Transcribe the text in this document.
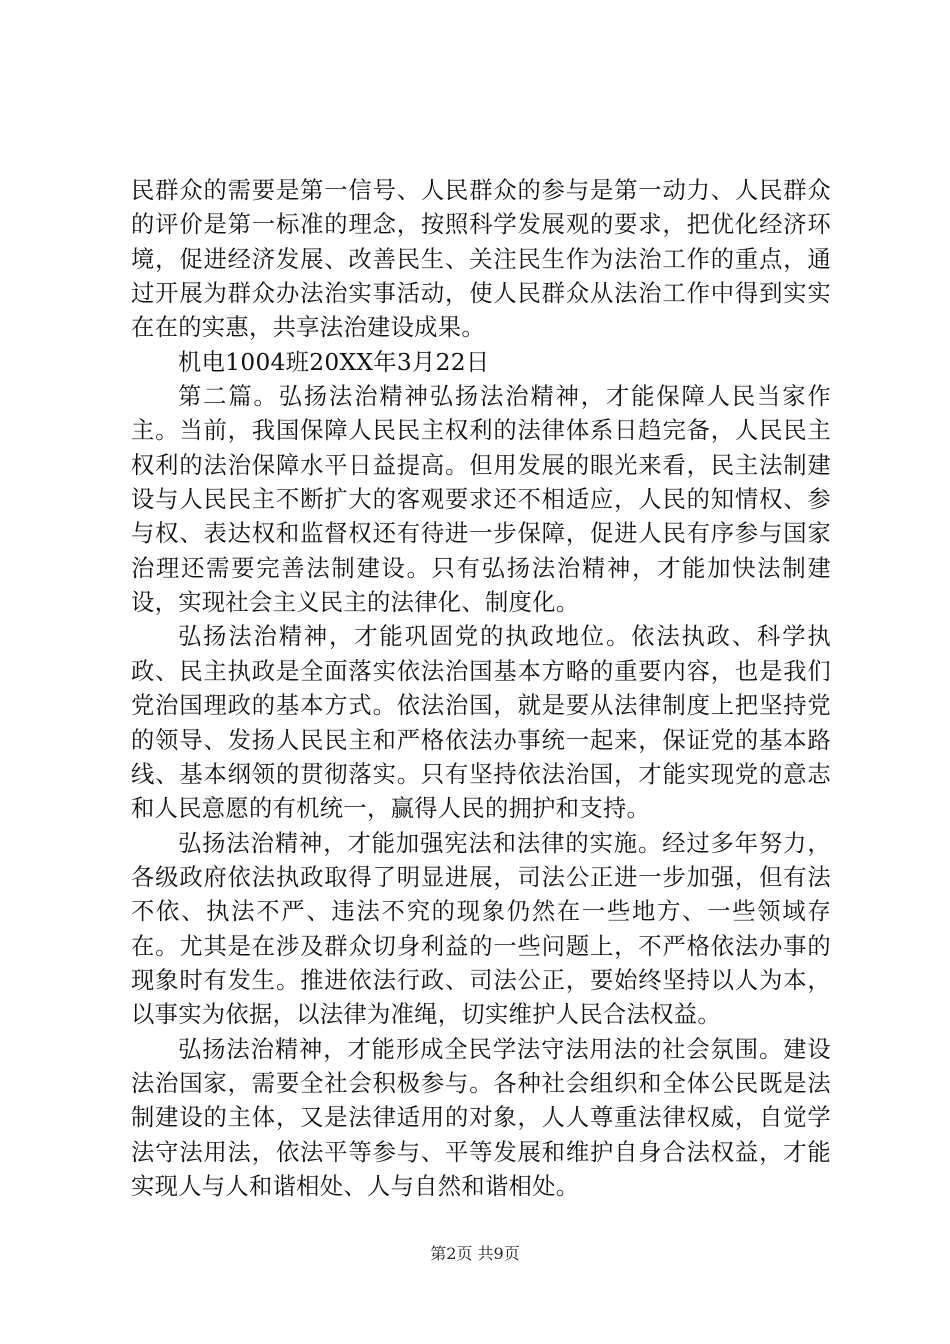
民群众的需要是第一信号、人民群众的参与是第一动力、人民群众的评价是第一标准的理念，按照科学发展观的要求，把优化经济环境，促进经济发展、改善民生、关注民生作为法治工作的重点，通过开展为群众办法治实事活动，使人民群众从法治工作中得到实实在在的实惠，共享法治建设成果。

机电1004班20XX年3月22日

第二篇。弘扬法治精神弘扬法治精神，才能保障人民当家作主。当前，我国保障人民民主权利的法律体系日趋完备，人民民主权利的法治保障水平日益提高。但用发展的眼光来看，民主法制建设与人民民主不断扩大的客观要求还不相适应，人民的知情权、参与权、表达权和监督权还有待进一步保障，促进人民有序参与国家治理还需要完善法制建设。只有弘扬法治精神，才能加快法制建设，实现社会主义民主的法律化、制度化。

弘扬法治精神，才能巩固党的执政地位。依法执政、科学执政、民主执政是全面落实依法治国基本方略的重要内容，也是我们党治国理政的基本方式。依法治国，就是要从法律制度上把坚持党的领导、发扬人民民主和严格依法办事统一起来，保证党的基本路线、基本纲领的贯彻落实。只有坚持依法治国，才能实现党的意志和人民意愿的有机统一，赢得人民的拥护和支持。

弘扬法治精神，才能加强宪法和法律的实施。经过多年努力，各级政府依法执政取得了明显进展，司法公正进一步加强，但有法不依、执法不严、违法不究的现象仍然在一些地方、一些领域存在。尤其是在涉及群众切身利益的一些问题上，不严格依法办事的现象时有发生。推进依法行政、司法公正，要始终坚持以人为本，以事实为依据，以法律为准绳，切实维护人民合法权益。

弘扬法治精神，才能形成全民学法守法用法的社会氛围。建设法治国家，需要全社会积极参与。各种社会组织和全体公民既是法制建设的主体，又是法律适用的对象，人人尊重法律权威，自觉学法守法用法，依法平等参与、平等发展和维护自身合法权益，才能实现人与人和谐相处、人与自然和谐相处。

第2页 共9页
